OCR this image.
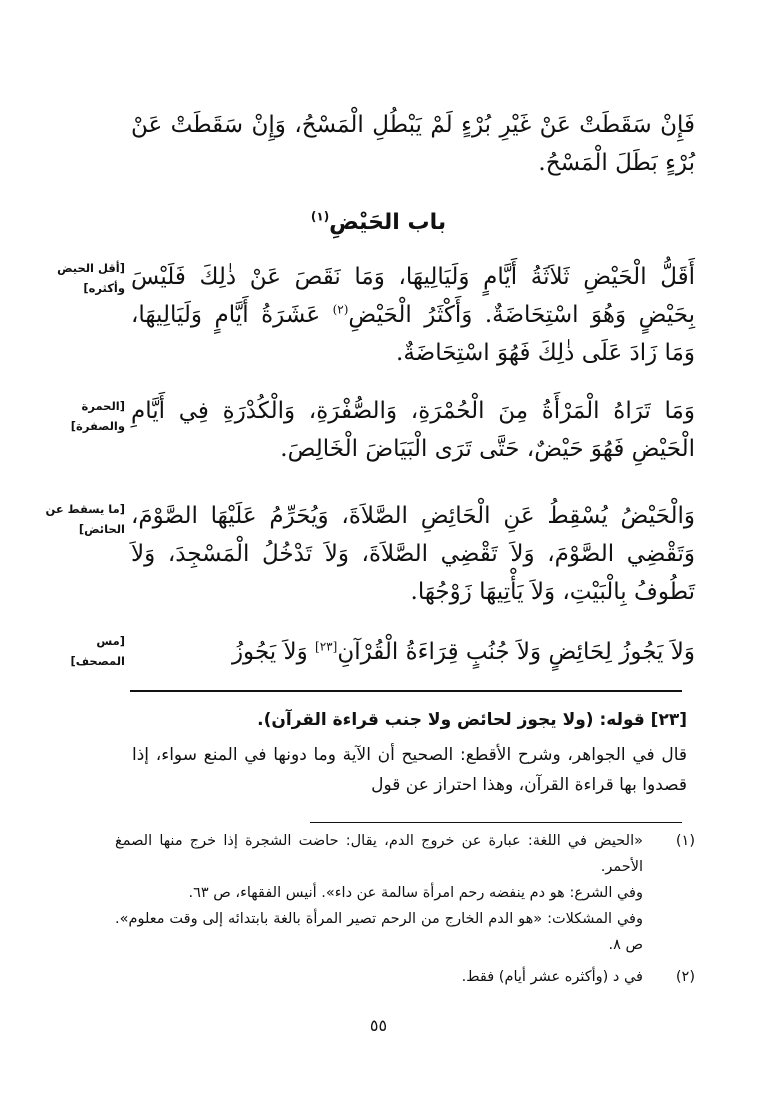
فَإِنْ سَقَطَتْ عَنْ غَيْرِ بُرْءٍ لَمْ يَبْطُلِ الْمَسْحُ، وَإِنْ سَقَطَتْ عَنْ بُرْءٍ بَطَلَ الْمَسْحُ.

باب الحَيْضِ$^{(١)}$
[أقل الحيض
وأكثره] أَقَلُّ الْحَيْضِ ثَلاَثَةُ أَيَّامٍ وَلَيَالِيهَا، وَمَا نَقَصَ عَنْ ذٰلِكَ فَلَيْسَ بِحَيْضٍ وَهُوَ اسْتِحَاضَةٌ. وَأَكْثَرُ الْحَيْضِ$^{(٢)}$ عَشَرَةُ أَيَّامٍ وَلَيَالِيهَا، وَمَا زَادَ عَلَى ذٰلِكَ فَهُوَ اسْتِحَاضَةٌ.

[الحمرة
والصفرة]

وَمَا تَرَاهُ الْمَرْأَةُ مِنَ الْحُمْرَةِ، وَالصُّفْرَةِ، وَالْكُدْرَةِ فِي أَيَّامِ الْحَيْضِ فَهُوَ حَيْضٌ، حَتَّى تَرَى الْبَيَاضَ الْخَالِصَ.

[ما يسقط عن
الحائض] وَالْحَيْضُ يُسْقِطُ عَنِ الْحَائِضِ الصَّلاَةَ، وَيُحَرِّمُ عَلَيْهَا الصَّوْمَ، وَتَقْضِي الصَّوْمَ، وَلاَ تَقْضِي الصَّلاَةَ، وَلاَ تَدْخُلُ الْمَسْجِدَ، وَلاَ تَطُوفُ بِالْبَيْتِ، وَلاَ يَأْتِيهَا زَوْجُهَا.

[مس
المصحف]	وَلاَ يَجُوزُ لِحَائِضٍ وَلاَ جُنُبٍ قِرَاءَةُ الْقُرْآنِ[٢٣] وَلاَ يَجُوزُ

[٢٣] قوله: (ولا يجوز لحائض ولا جنب قراءة القرآن).
قال في الجواهر، وشرح الأقطع: الصحيح أن الآية وما دونها في المنع سواء، إذا قصدوا بها قراءة القرآن، وهذا احتراز عن قول
(١)
«الحيض في اللغة: عبارة عن خروج الدم، يقال: حاضت الشجرة إذا خرج منها الصمغ الأحمر.
وفي الشرع: هو دم ينفضه رحم امرأة سالمة عن داء». أنيس الفقهاء، ص ٦٣.
وفي المشكلات: «هو الدم الخارج من الرحم تصير المرأة بالغة بابتدائه إلى وقت معلوم». ص ٨.
(٢)
في د (وأكثره عشر أيام) فقط.
٥٥
